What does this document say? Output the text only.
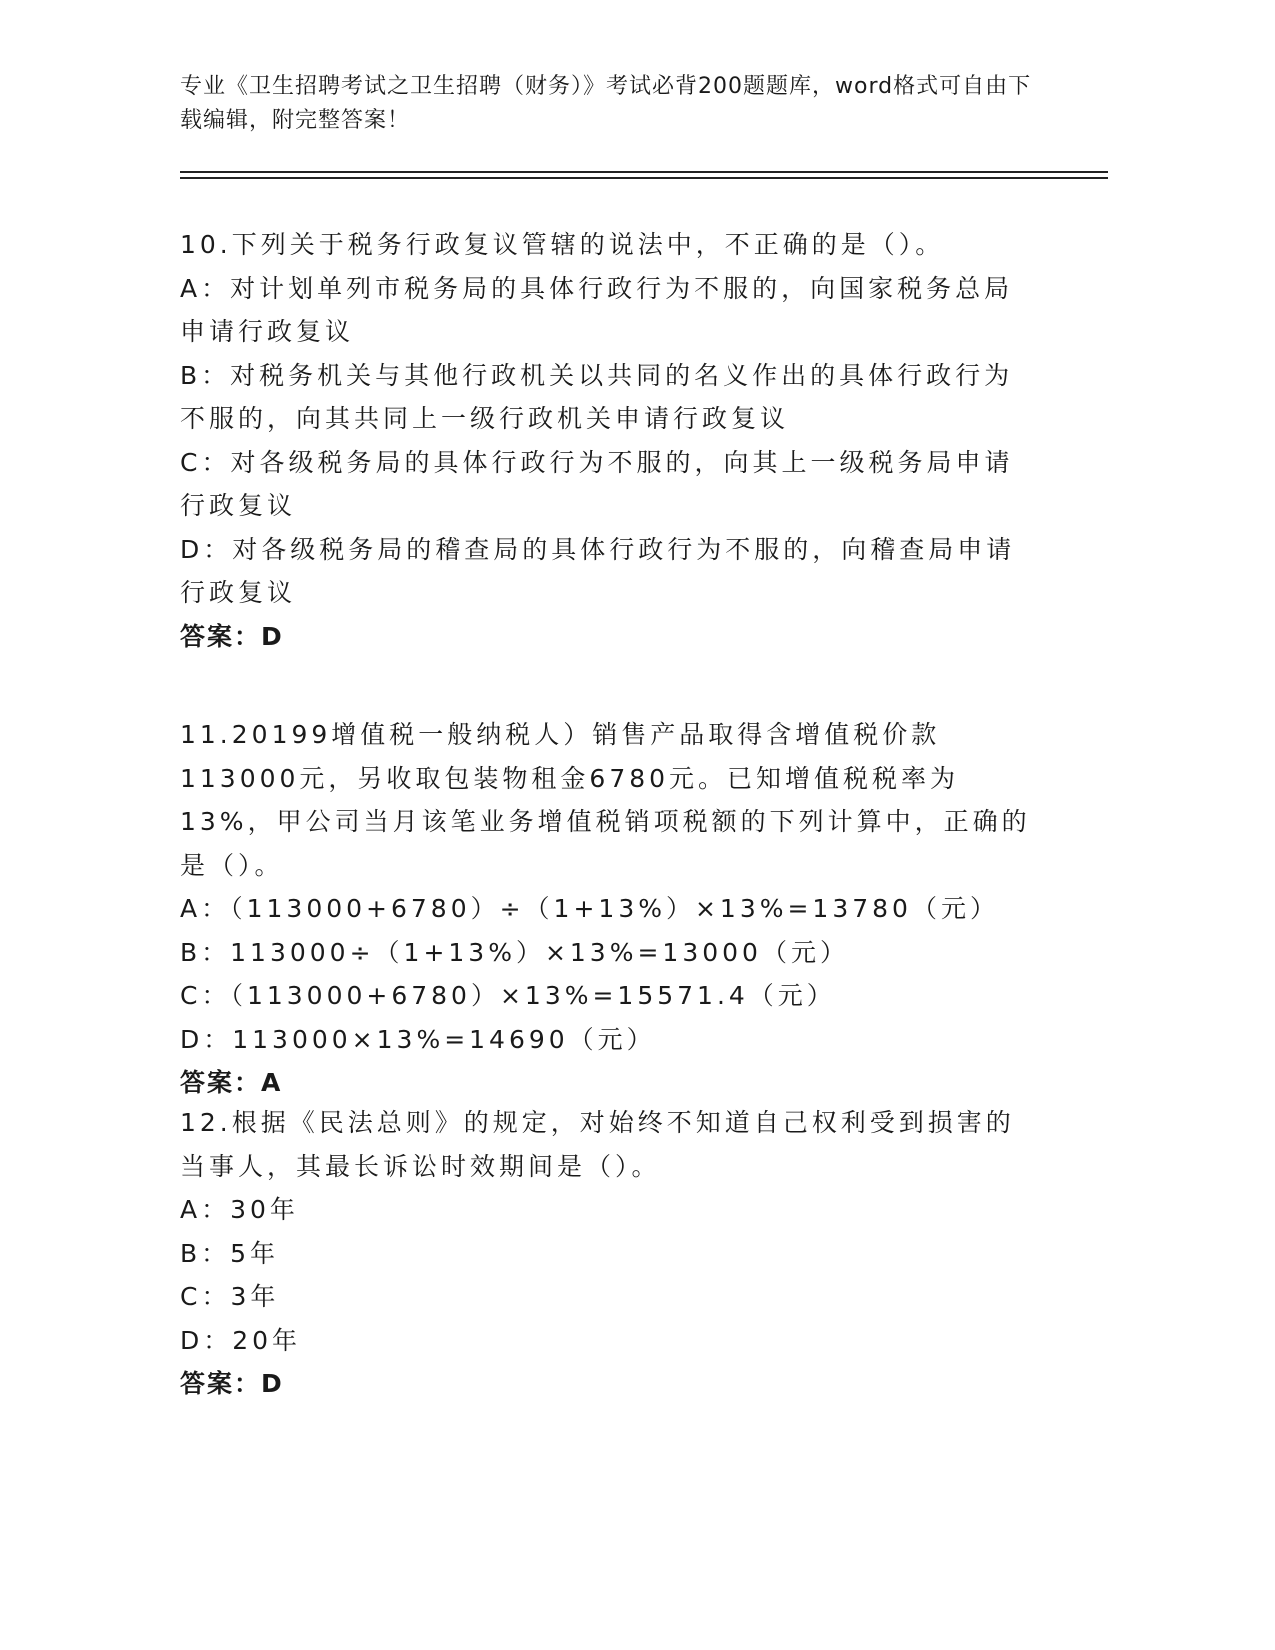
专业《卫生招聘考试之卫生招聘（财务）》考试必背200题题库，word格式可自由下载编辑，附完整答案！

10.下列关于税务行政复议管辖的说法中，不正确的是（）。

A：对计划单列市税务局的具体行政行为不服的，向国家税务总局申请行政复议

B：对税务机关与其他行政机关以共同的名义作出的具体行政行为不服的，向其共同上一级行政机关申请行政复议

C：对各级税务局的具体行政行为不服的，向其上一级税务局申请行政复议

D：对各级税务局的稽查局的具体行政行为不服的，向稽查局申请行政复议

答案：D

11.20199增值税一般纳税人）销售产品取得含增值税价款113000元，另收取包装物租金6780元。已知增值税税率为13%，甲公司当月该笔业务增值税销项税额的下列计算中，正确的是（）。

A：（113000+6780）÷（1+13%）×13%=13780（元）

B：113000÷（1+13%）×13%=13000（元）

C：（113000+6780）×13%=15571.4（元）

D：113000×13%=14690（元）

答案：A

12.根据《民法总则》的规定，对始终不知道自己权利受到损害的当事人，其最长诉讼时效期间是（）。

A：30年

B：5年

C：3年

D：20年

答案：D
